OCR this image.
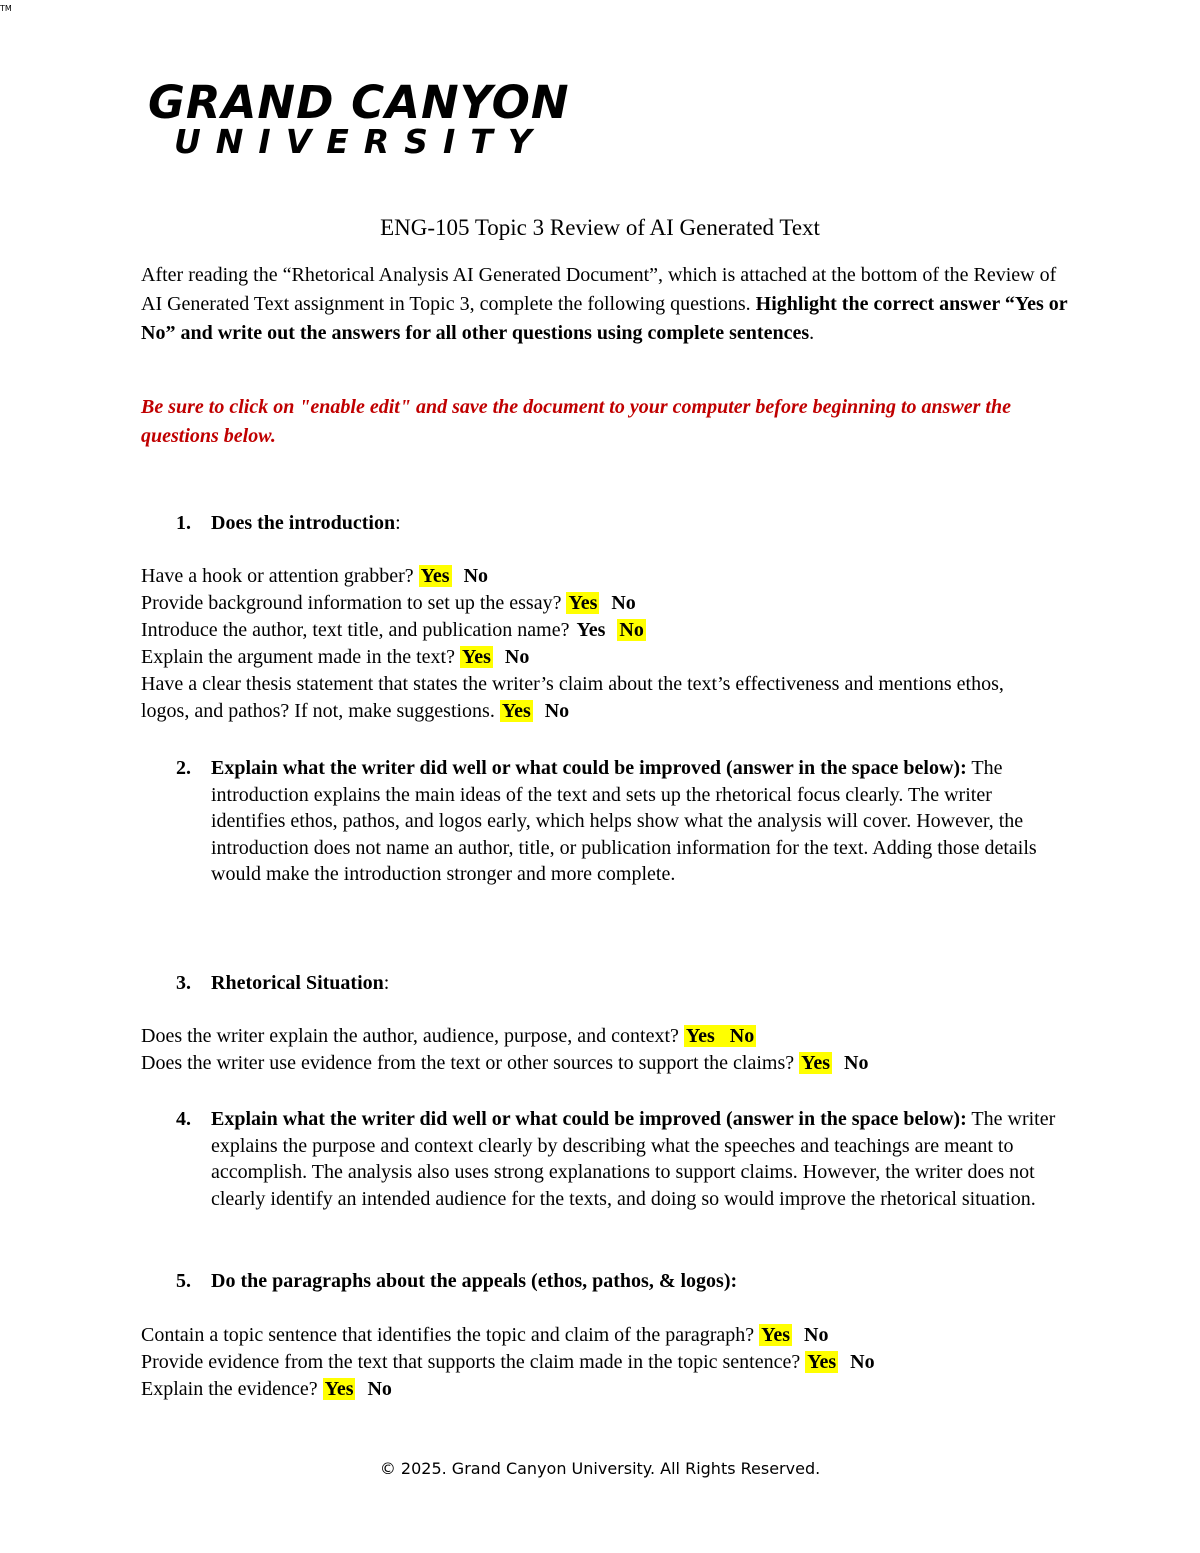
GRAND CANYON
UNIVERSITY
TM
ENG-105 Topic 3 Review of AI Generated Text
After reading the “Rhetorical Analysis AI Generated Document”, which is attached at the bottom of the Review of AI Generated Text assignment in Topic 3, complete the following questions. Highlight the correct answer “Yes or No” and write out the answers for all other questions using complete sentences.
Be sure to click on "enable edit" and save the document to your computer before beginning to answer the questions below.
1. Does the introduction:
Have a hook or attention grabber? Yes No
Provide background information to set up the essay? Yes No
Introduce the author, text title, and publication name? Yes No
Explain the argument made in the text? Yes No
Have a clear thesis statement that states the writer’s claim about the text’s effectiveness and mentions ethos, logos, and pathos? If not, make suggestions. Yes No
2. Explain what the writer did well or what could be improved (answer in the space below): The introduction explains the main ideas of the text and sets up the rhetorical focus clearly. The writer identifies ethos, pathos, and logos early, which helps show what the analysis will cover. However, the introduction does not name an author, title, or publication information for the text. Adding those details would make the introduction stronger and more complete.
3. Rhetorical Situation:
Does the writer explain the author, audience, purpose, and context? Yes No
Does the writer use evidence from the text or other sources to support the claims? Yes No
4. Explain what the writer did well or what could be improved (answer in the space below): The writer explains the purpose and context clearly by describing what the speeches and teachings are meant to accomplish. The analysis also uses strong explanations to support claims. However, the writer does not clearly identify an intended audience for the texts, and doing so would improve the rhetorical situation.
5. Do the paragraphs about the appeals (ethos, pathos, & logos):
Contain a topic sentence that identifies the topic and claim of the paragraph? Yes No
Provide evidence from the text that supports the claim made in the topic sentence? Yes No
Explain the evidence? Yes No
© 2025. Grand Canyon University. All Rights Reserved.
